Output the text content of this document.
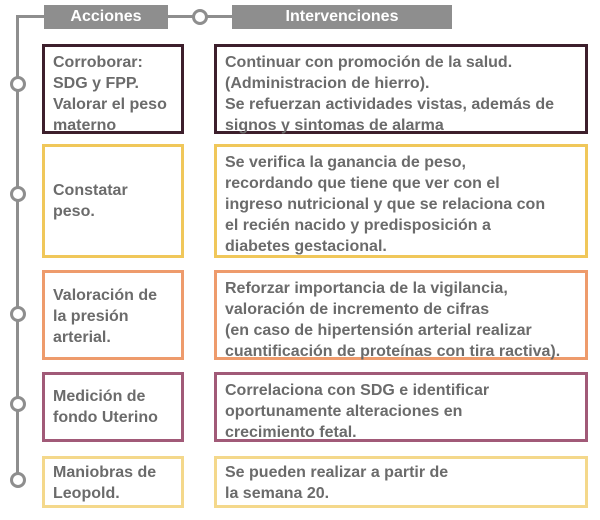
Acciones	Intervenciones
Corroborar:
SDG y FPP.
Valorar el peso
materno
Continuar con promoción de la salud.
(Administracion de hierro).
Se refuerzan actividades vistas, además de
signos y sintomas de alarma
Constatar peso.
Se verifica la ganancia de peso,
recordando que tiene que ver con el
ingreso nutricional y que se relaciona con
el recién nacido y predisposición a
diabetes gestacional.
Valoración de
la presión
arterial.
Reforzar importancia de la vigilancia,
valoración de incremento de cifras
(en caso de hipertensión arterial realizar
cuantificación de proteínas con tira ractiva).
Medición de
fondo Uterino
Correlaciona con SDG e identificar
oportunamente alteraciones en
crecimiento fetal.
Maniobras de
Leopold.
Se pueden realizar a partir de
la semana 20.
